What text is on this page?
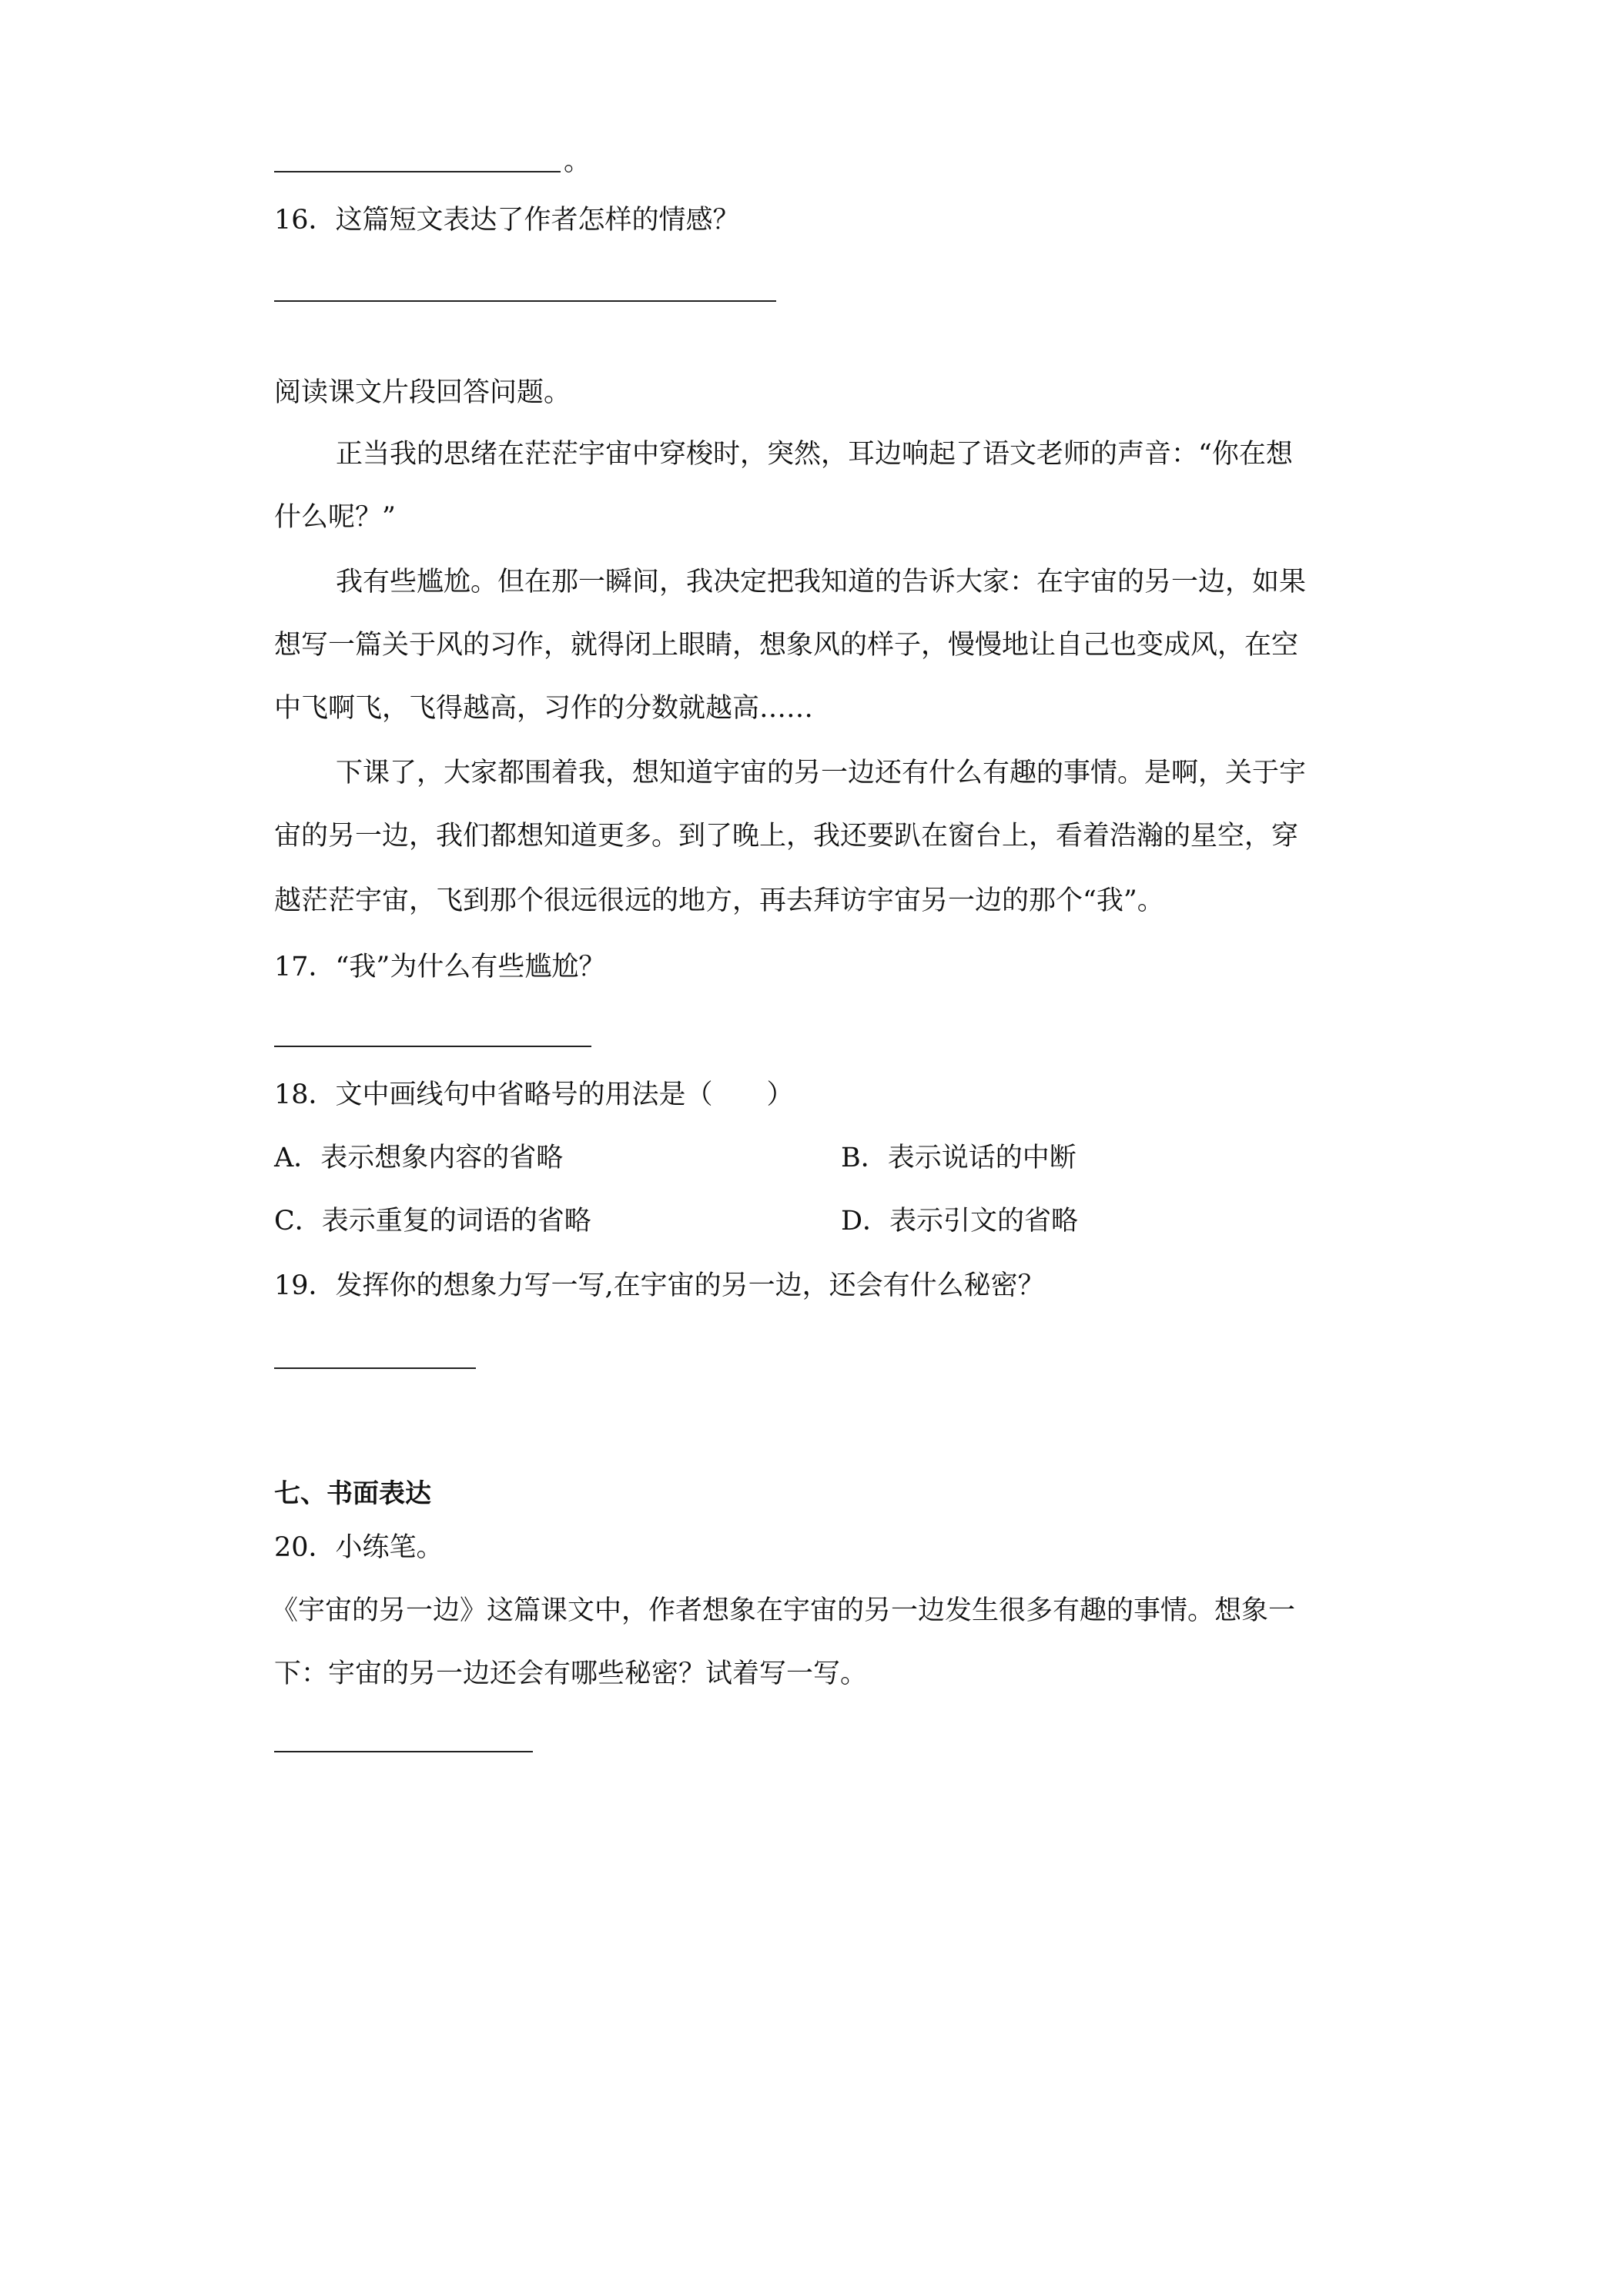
。
16．这篇短文表达了作者怎样的情感？
阅读课文片段回答问题。
正当我的思绪在茫茫宇宙中穿梭时，突然，耳边响起了语文老师的声音：“你在想
什么呢？”
我有些尴尬。但在那一瞬间，我决定把我知道的告诉大家：在宇宙的另一边，如果
想写一篇关于风的习作，就得闭上眼睛，想象风的样子，慢慢地让自己也变成风，在空
中飞啊飞，飞得越高，习作的分数就越高……
下课了，大家都围着我，想知道宇宙的另一边还有什么有趣的事情。是啊，关于宇
宙的另一边，我们都想知道更多。到了晚上，我还要趴在窗台上，看着浩瀚的星空，穿
越茫茫宇宙，飞到那个很远很远的地方，再去拜访宇宙另一边的那个“我”。
17．“我”为什么有些尴尬？
18．文中画线句中省略号的用法是（　　）
A．表示想象内容的省略	B．表示说话的中断
C．表示重复的词语的省略	D．表示引文的省略
19．发挥你的想象力写一写,在宇宙的另一边，还会有什么秘密？
七、书面表达
20．小练笔。
《宇宙的另一边》这篇课文中，作者想象在宇宙的另一边发生很多有趣的事情。想象一
下：宇宙的另一边还会有哪些秘密？试着写一写。
